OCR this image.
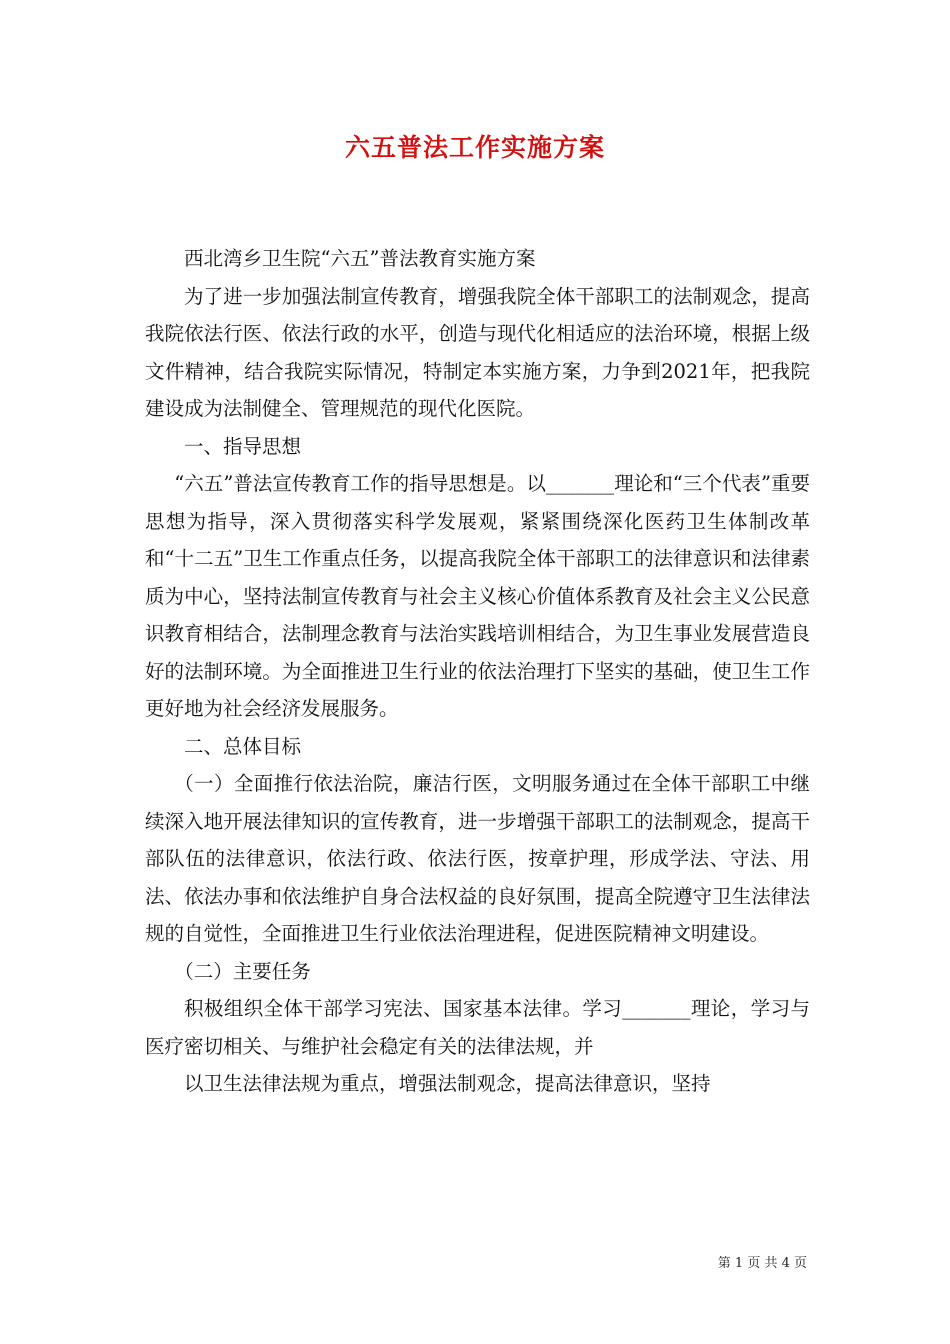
六五普法工作实施方案

西北湾乡卫生院“六五”普法教育实施方案

为了进一步加强法制宣传教育，增强我院全体干部职工的法制观念，提高我院依法行医、依法行政的水平，创造与现代化相适应的法治环境，根据上级文件精神，结合我院实际情况，特制定本实施方案，力争到2021年，把我院建设成为法制健全、管理规范的现代化医院。

一、指导思想

“六五”普法宣传教育工作的指导思想是。以_______理论和“三个代表”重要思想为指导，深入贯彻落实科学发展观，紧紧围绕深化医药卫生体制改革和“十二五”卫生工作重点任务，以提高我院全体干部职工的法律意识和法律素质为中心，坚持法制宣传教育与社会主义核心价值体系教育及社会主义公民意识教育相结合，法制理念教育与法治实践培训相结合，为卫生事业发展营造良好的法制环境。为全面推进卫生行业的依法治理打下坚实的基础，使卫生工作更好地为社会经济发展服务。

二、总体目标

（一）全面推行依法治院，廉洁行医，文明服务通过在全体干部职工中继续深入地开展法律知识的宣传教育，进一步增强干部职工的法制观念，提高干部队伍的法律意识，依法行政、依法行医，按章护理，形成学法、守法、用法、依法办事和依法维护自身合法权益的良好氛围，提高全院遵守卫生法律法规的自觉性，全面推进卫生行业依法治理进程，促进医院精神文明建设。

（二）主要任务

积极组织全体干部学习宪法、国家基本法律。学习_______理论，学习与医疗密切相关、与维护社会稳定有关的法律法规，并

以卫生法律法规为重点，增强法制观念，提高法律意识，坚持

第 1 页 共 4 页
